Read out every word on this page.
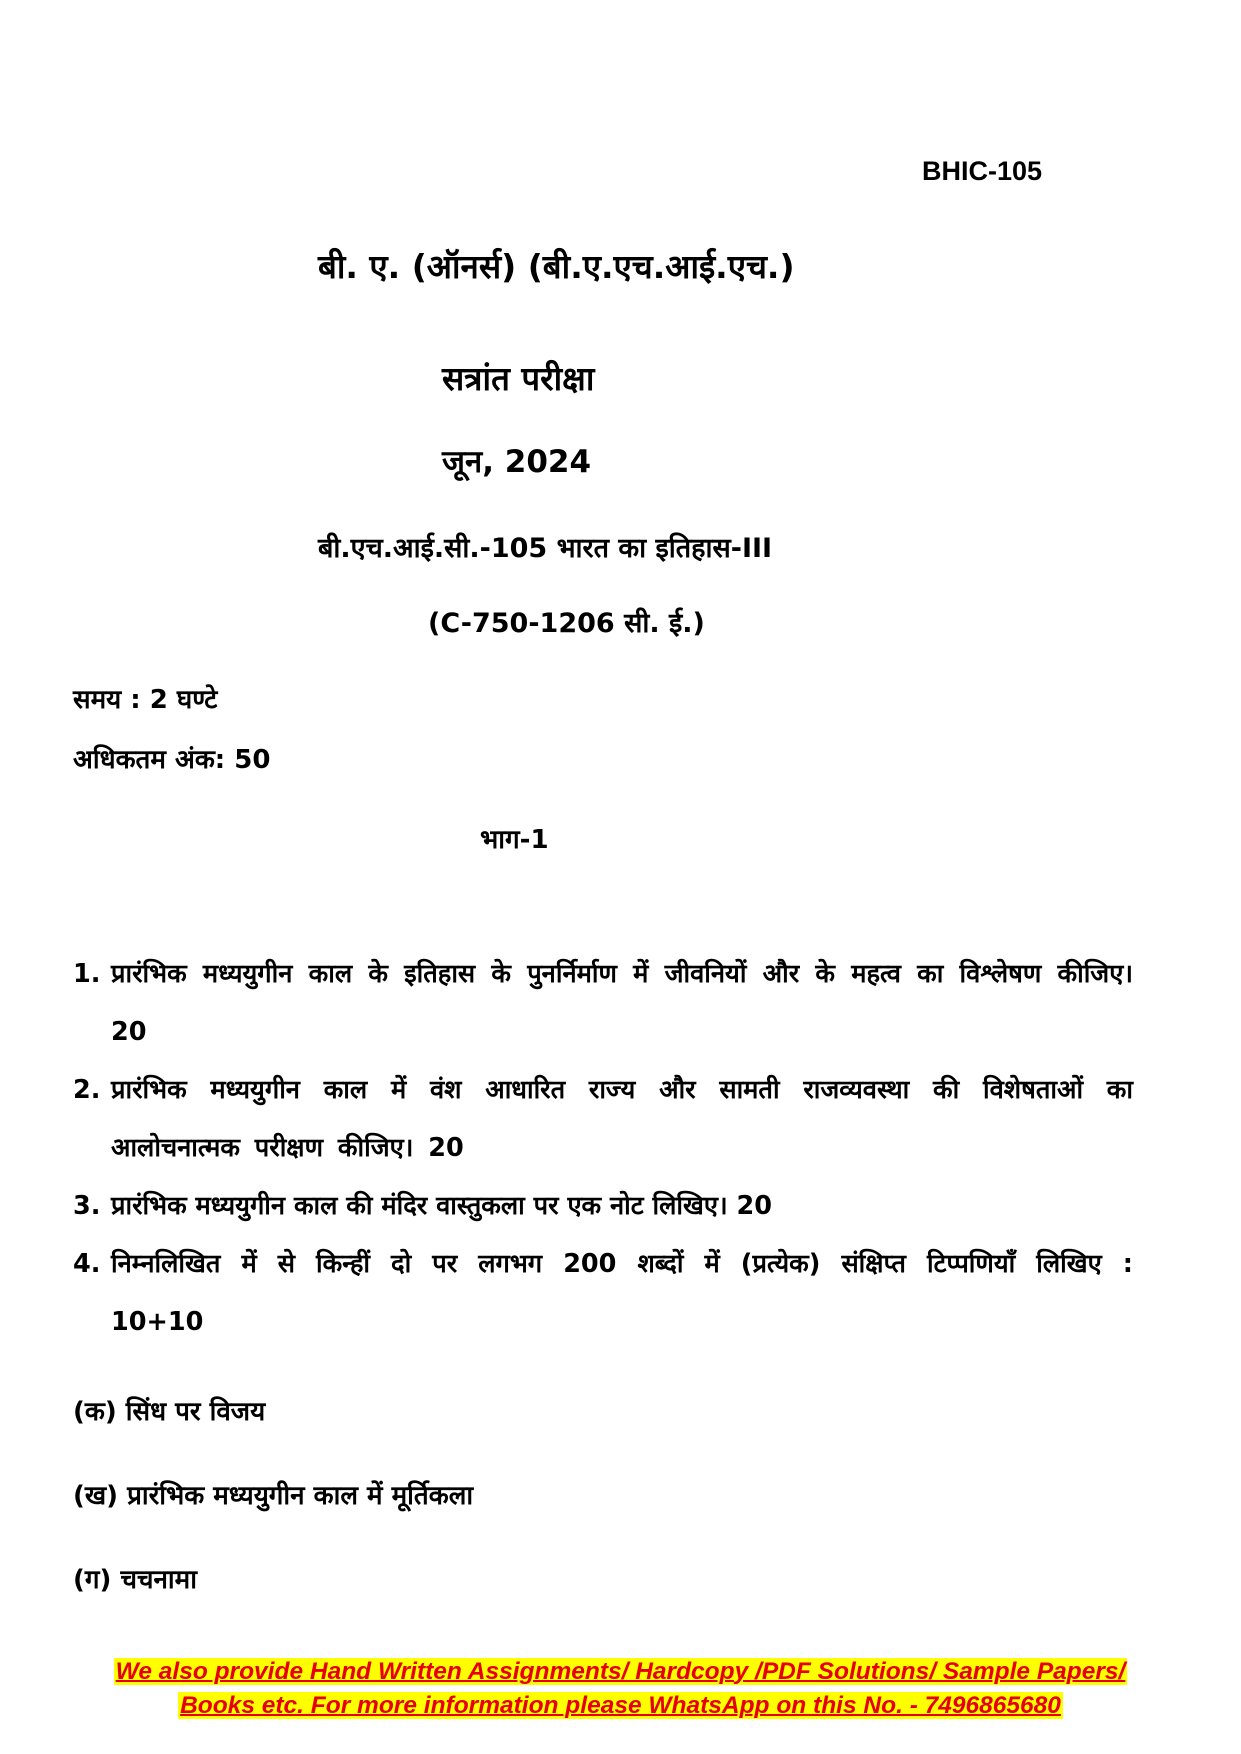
BHIC-105
बी. ए. (ऑनर्स) (बी.ए.एच.आई.एच.)
सत्रांत परीक्षा
जून, 2024
बी.एच.आई.सी.-105 भारत का इतिहास-III
(C-750-1206 सी. ई.)
समय : 2 घण्टे
अधिकतम अंक: 50
भाग-1
1. प्रारंभिक मध्ययुगीन काल के इतिहास के पुनर्निर्माण में जीवनियों और के महत्व का विश्लेषण कीजिए। 20
2. प्रारंभिक मध्ययुगीन काल में वंश आधारित राज्य और सामती राजव्यवस्था की विशेषताओं का आलोचनात्मक परीक्षण कीजिए। 20
3. प्रारंभिक मध्ययुगीन काल की मंदिर वास्तुकला पर एक नोट लिखिए। 20
4. निम्नलिखित में से किन्हीं दो पर लगभग 200 शब्दों में (प्रत्येक) संक्षिप्त टिप्पणियाँ लिखिए : 10+10
(क) सिंध पर विजय
(ख) प्रारंभिक मध्ययुगीन काल में मूर्तिकला
(ग) चचनामा
We also provide Hand Written Assignments/ Hardcopy /PDF Solutions/ Sample Papers/
Books etc. For more information please WhatsApp on this No. - 7496865680
